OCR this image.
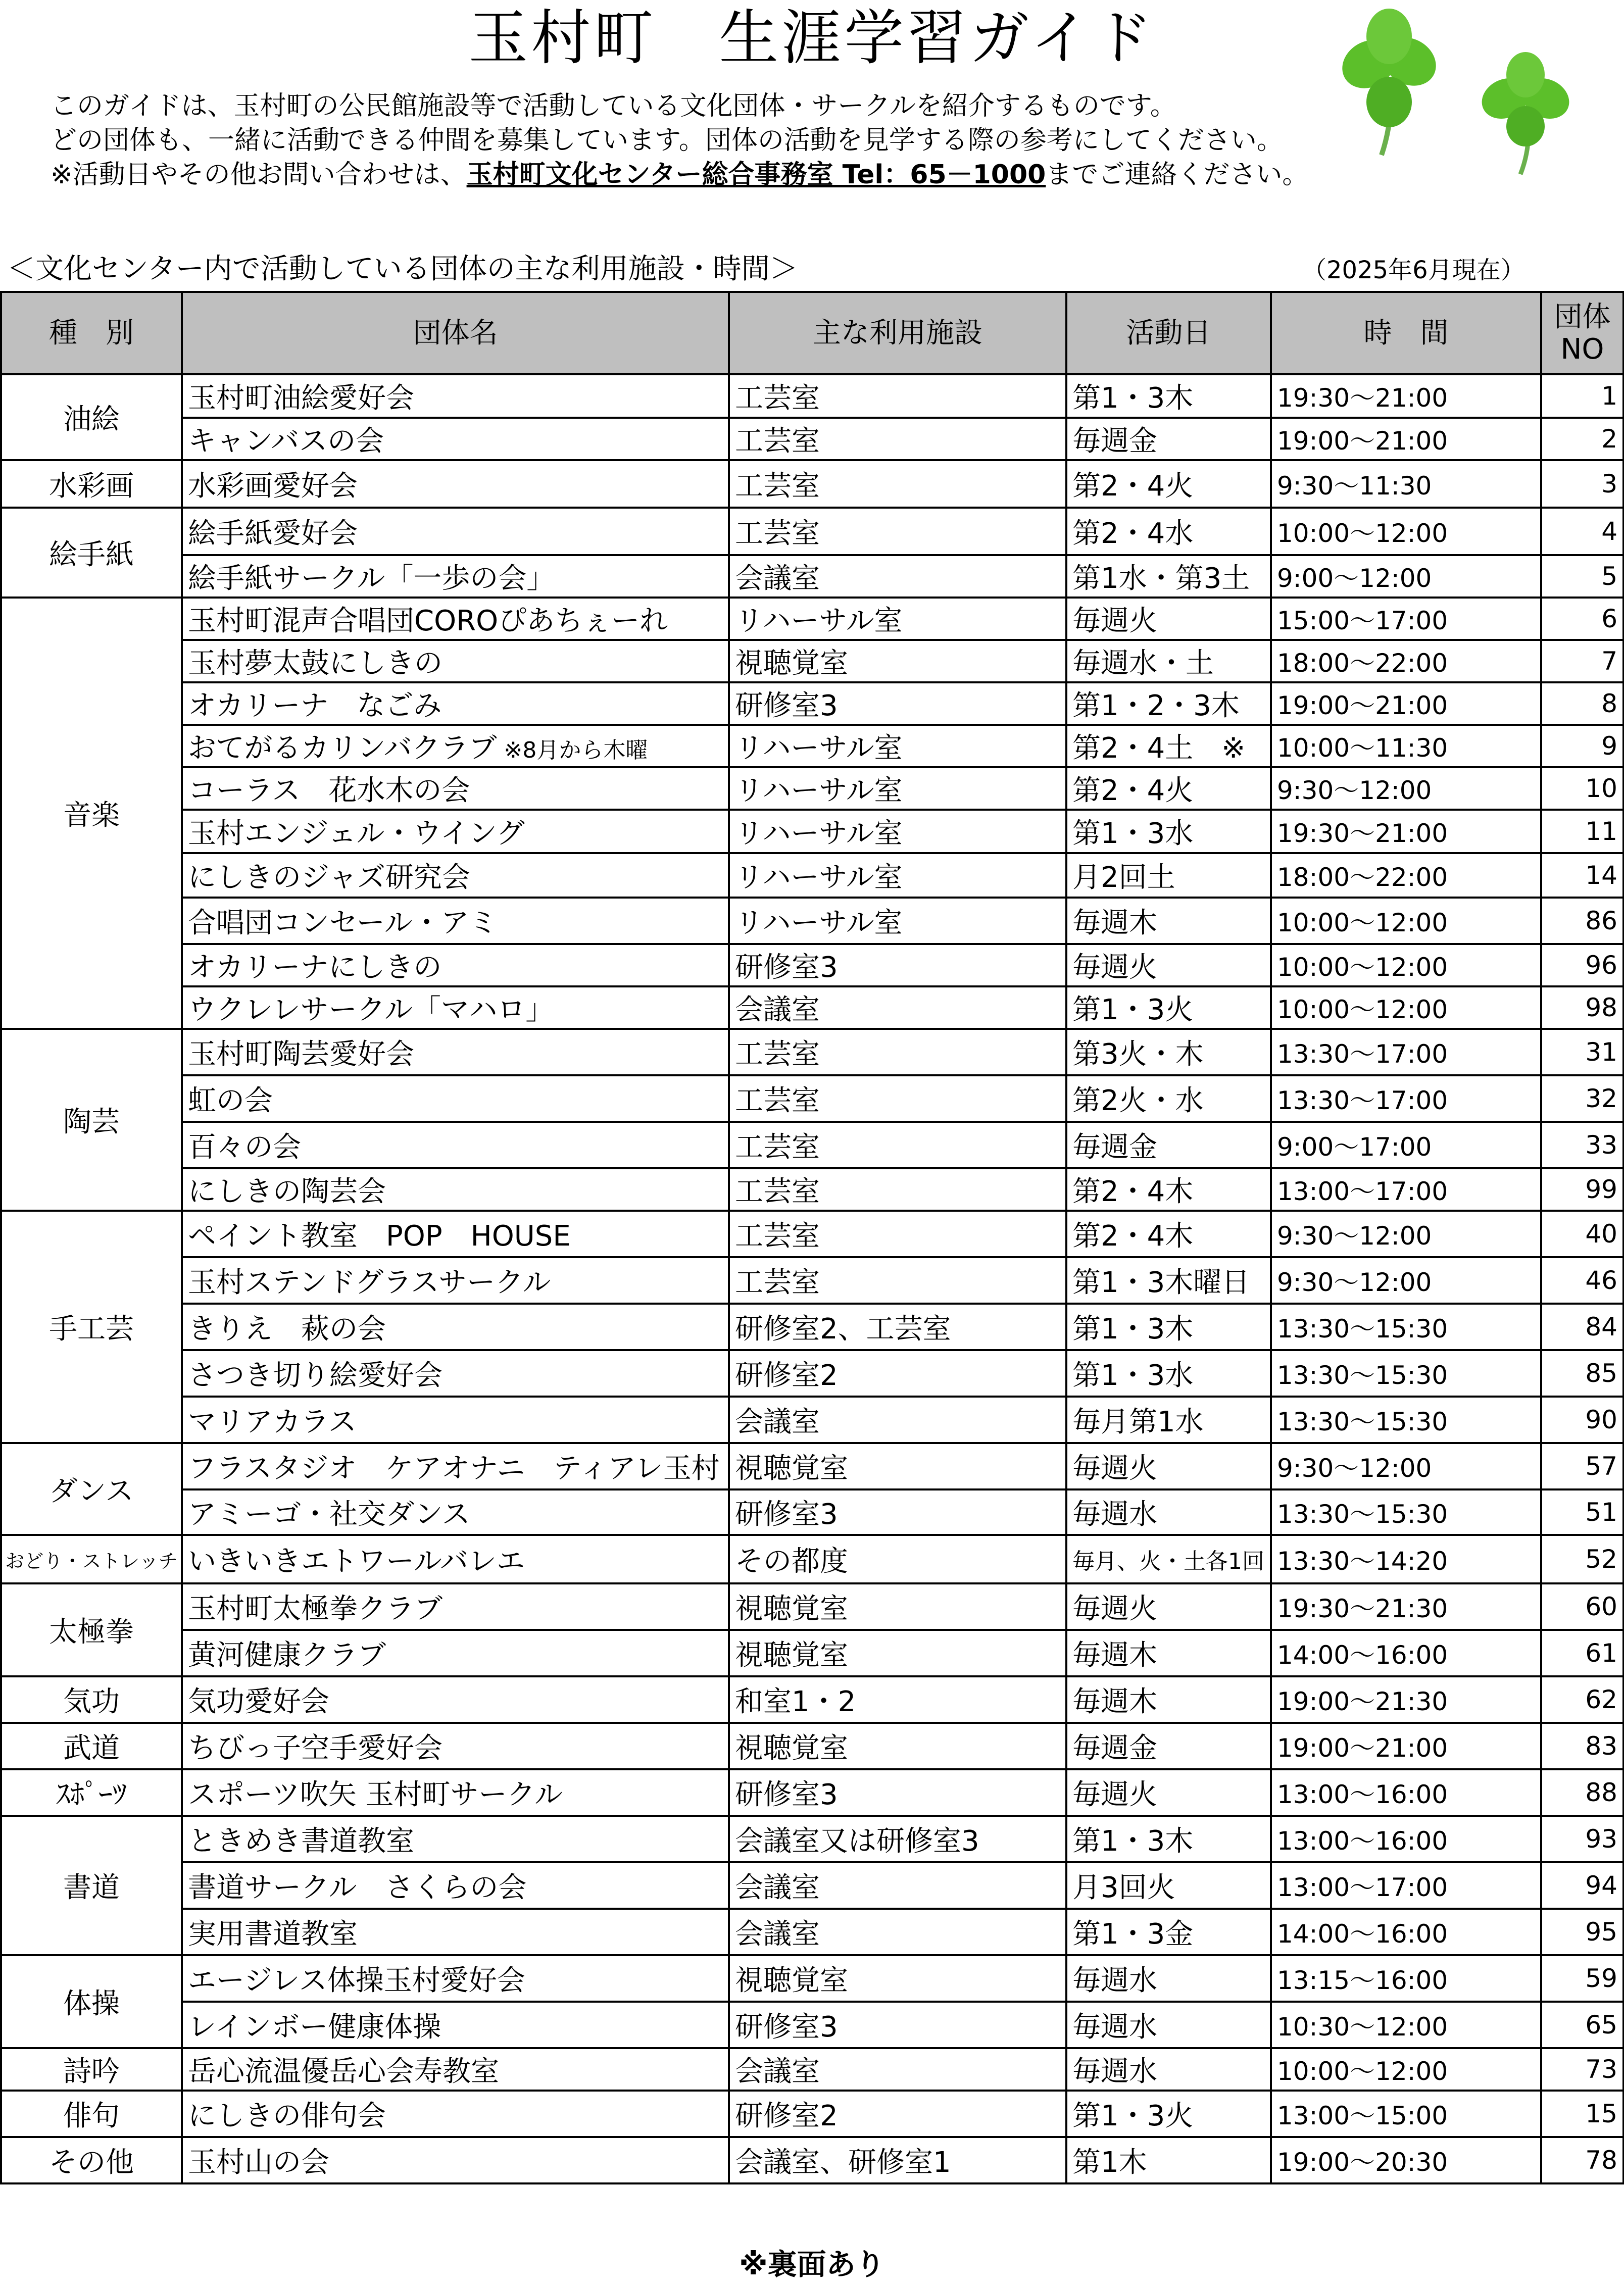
玉村町　生涯学習ガイド
このガイドは、玉村町の公民館施設等で活動している文化団体・サークルを紹介するものです。
どの団体も、一緒に活動できる仲間を募集しています。団体の活動を見学する際の参考にしてください。
※活動日やその他お問い合わせは、玉村町文化センター総合事務室 Tel：65－1000までご連絡ください。
＜文化センター内で活動している団体の主な利用施設・時間＞	（2025年6月現在）
種　別	団体名	主な利用施設	活動日	時　間	団体
NO
油絵	玉村町油絵愛好会	工芸室	第1・3木	19:30～21:00	1
	キャンバスの会	工芸室	毎週金	19:00～21:00	2
水彩画	水彩画愛好会	工芸室	第2・4火	9:30～11:30	3
絵手紙	絵手紙愛好会	工芸室	第2・4水	10:00～12:00	4
	絵手紙サークル「一歩の会」	会議室	第1水・第3土	9:00～12:00	5
音楽	玉村町混声合唱団COROぴあちぇーれ	リハーサル室	毎週火	15:00～17:00	6
	玉村夢太鼓にしきの	視聴覚室	毎週水・土	18:00～22:00	7
	オカリーナ　なごみ	研修室3	第1・2・3木	19:00～21:00	8
	おてがるカリンバクラブ ※8月から木曜	リハーサル室	第2・4土　※	10:00～11:30	9
	コーラス　花水木の会	リハーサル室	第2・4火	9:30～12:00	10
	玉村エンジェル・ウイング	リハーサル室	第1・3水	19:30～21:00	11
	にしきのジャズ研究会	リハーサル室	月2回土	18:00～22:00	14
	合唱団コンセール・アミ	リハーサル室	毎週木	10:00～12:00	86
	オカリーナにしきの	研修室3	毎週火	10:00～12:00	96
	ウクレレサークル「マハロ」	会議室	第1・3火	10:00～12:00	98
陶芸	玉村町陶芸愛好会	工芸室	第3火・木	13:30～17:00	31
	虹の会	工芸室	第2火・水	13:30～17:00	32
	百々の会	工芸室	毎週金	9:00～17:00	33
	にしきの陶芸会	工芸室	第2・4木	13:00～17:00	99
手工芸	ペイント教室　POP　HOUSE	工芸室	第2・4木	9:30～12:00	40
	玉村ステンドグラスサークル	工芸室	第1・3木曜日	9:30～12:00	46
	きりえ　萩の会	研修室2、工芸室	第1・3木	13:30～15:30	84
	さつき切り絵愛好会	研修室2	第1・3水	13:30～15:30	85
	マリアカラス	会議室	毎月第1水	13:30～15:30	90
ダンス	フラスタジオ　ケアオナニ　ティアレ玉村	視聴覚室	毎週火	9:30～12:00	57
	アミーゴ・社交ダンス	研修室3	毎週水	13:30～15:30	51
おどり・ストレッチ	いきいきエトワールバレエ	その都度	毎月、火・土各1回	13:30～14:20	52
太極拳	玉村町太極拳クラブ	視聴覚室	毎週火	19:30～21:30	60
	黄河健康クラブ	視聴覚室	毎週木	14:00～16:00	61
気功	気功愛好会	和室1・2	毎週木	19:00～21:30	62
武道	ちびっ子空手愛好会	視聴覚室	毎週金	19:00～21:00	83
ｽﾎﾟｰﾂ	スポーツ吹矢 玉村町サークル	研修室3	毎週火	13:00～16:00	88
書道	ときめき書道教室	会議室又は研修室3	第1・3木	13:00～16:00	93
	書道サークル　さくらの会	会議室	月3回火	13:00～17:00	94
	実用書道教室	会議室	第1・3金	14:00～16:00	95
体操	エージレス体操玉村愛好会	視聴覚室	毎週水	13:15～16:00	59
	レインボー健康体操	研修室3	毎週水	10:30～12:00	65
詩吟	岳心流温優岳心会寿教室	会議室	毎週水	10:00～12:00	73
俳句	にしきの俳句会	研修室2	第1・3火	13:00～15:00	15
その他	玉村山の会	会議室、研修室1	第1木	19:00～20:30	78
※裏面あり
